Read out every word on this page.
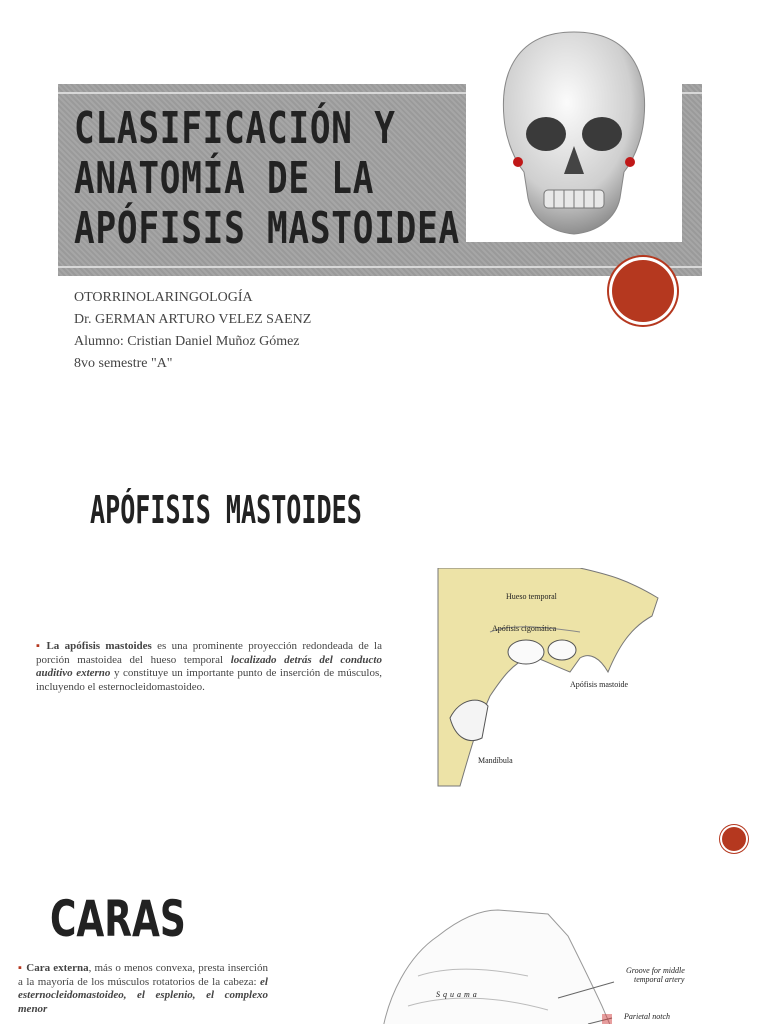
CLASIFICACIÓN Y
ANATOMÍA DE LA
APÓFISIS MASTOIDEA
OTORRINOLARINGOLOGÍA
Dr. GERMAN ARTURO VELEZ SAENZ
Alumno: Cristian Daniel Muñoz Gómez
8vo semestre "A"
APÓFISIS MASTOIDES
▪ La apófisis mastoides es una prominente proyección redondeada de la porción mastoidea del hueso temporal localizado detrás del conducto auditivo externo y constituye un importante punto de inserción de músculos, incluyendo el esternocleidomastoideo.
Hueso temporal
Apófisis cigomática
Apófisis mastoide
Mandíbula
CARAS
▪ Cara externa, más o menos convexa, presta inserción a la mayoría de los músculos rotatorios de la cabeza: el esternocleidomastoideo, el esplenio, el complexo menor
Groove for middle
temporal artery
Squama
Parietal notch
